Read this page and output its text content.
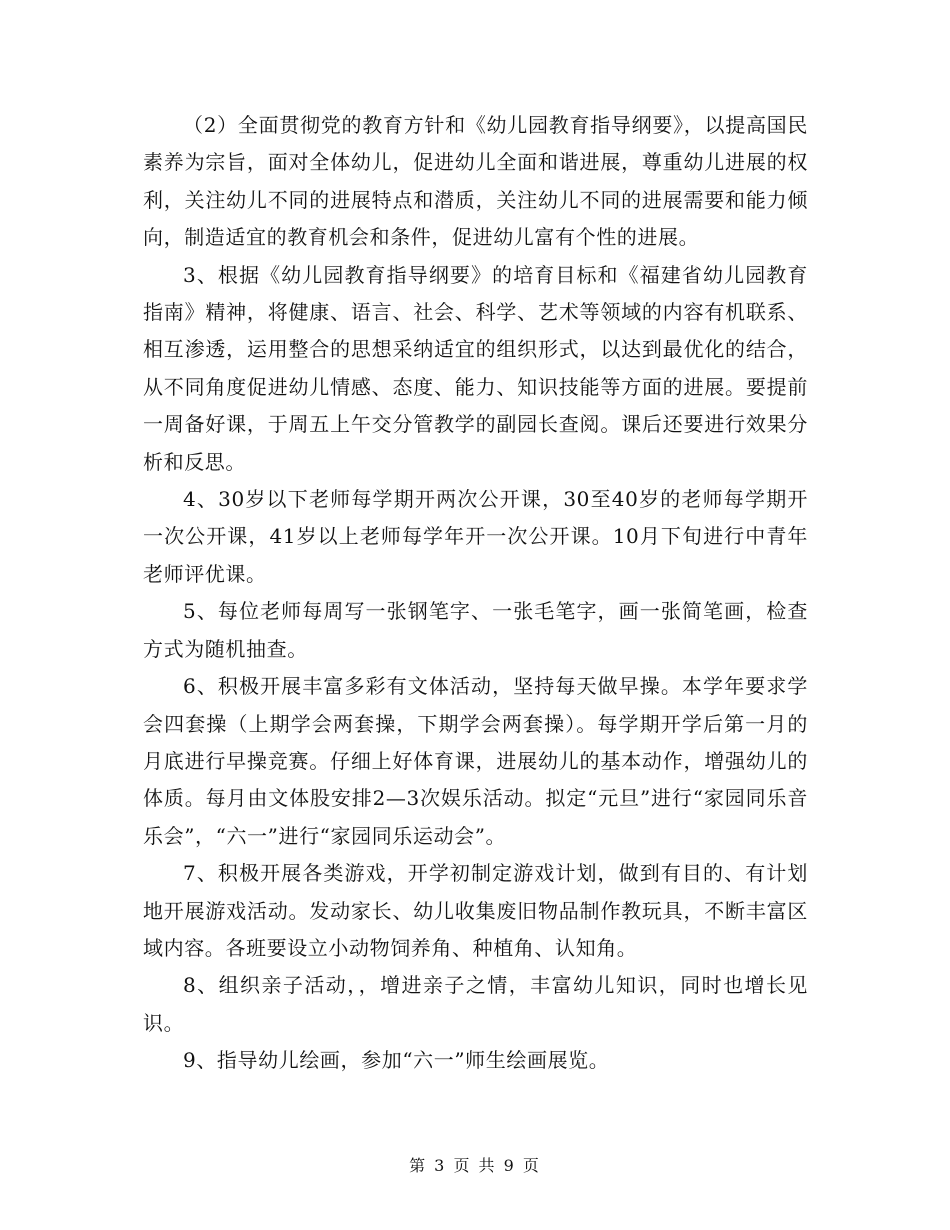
（2）全面贯彻党的教育方针和《幼儿园教育指导纲要》，以提高国民素养为宗旨，面对全体幼儿，促进幼儿全面和谐进展，尊重幼儿进展的权利，关注幼儿不同的进展特点和潜质，关注幼儿不同的进展需要和能力倾向，制造适宜的教育机会和条件，促进幼儿富有个性的进展。

3、根据《幼儿园教育指导纲要》的培育目标和《福建省幼儿园教育指南》精神，将健康、语言、社会、科学、艺术等领域的内容有机联系、相互渗透，运用整合的思想采纳适宜的组织形式，以达到最优化的结合，从不同角度促进幼儿情感、态度、能力、知识技能等方面的进展。要提前一周备好课，于周五上午交分管教学的副园长查阅。课后还要进行效果分析和反思。

4、30岁以下老师每学期开两次公开课，30至40岁的老师每学期开一次公开课，41岁以上老师每学年开一次公开课。10月下旬进行中青年老师评优课。

5、每位老师每周写一张钢笔字、一张毛笔字，画一张简笔画，检查方式为随机抽查。

6、积极开展丰富多彩有文体活动，坚持每天做早操。本学年要求学会四套操（上期学会两套操，下期学会两套操）。每学期开学后第一月的月底进行早操竞赛。仔细上好体育课，进展幼儿的基本动作，增强幼儿的体质。每月由文体股安排2—3次娱乐活动。拟定“元旦”进行“家园同乐音乐会”，“六一”进行“家园同乐运动会”。

7、积极开展各类游戏，开学初制定游戏计划，做到有目的、有计划地开展游戏活动。发动家长、幼儿收集废旧物品制作教玩具，不断丰富区域内容。各班要设立小动物饲养角、种植角、认知角。

8、组织亲子活动，，增进亲子之情，丰富幼儿知识，同时也增长见识。

9、指导幼儿绘画，参加“六一”师生绘画展览。

第 3 页 共 9 页
